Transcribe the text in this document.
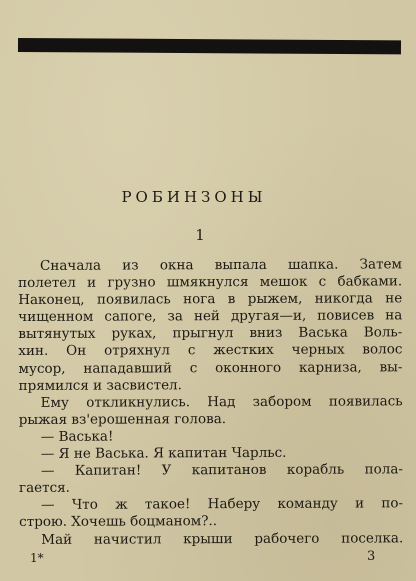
РОБИНЗОНЫ
1
Сначала из окна выпала шапка. Затем
полетел и грузно шмякнулся мешок с бабками.
Наконец, появилась нога в рыжем, никогда не
чищенном сапоге, за ней другая—и, повисев на
вытянутых руках, прыгнул вниз Васька Воль-
хин. Он отряхнул с жестких черных волос
мусор, нападавший с оконного карниза, вы-
прямился и засвистел.
Ему откликнулись. Над забором появилась
рыжая вз'ерошенная голова.
— Васька!
— Я не Васька. Я капитан Чарльс.
— Капитан! У капитанов корабль пола-
гается.
— Что ж такое! Наберу команду и по-
строю. Хочешь боцманом?..
Май начистил крыши рабочего поселка.
1*	3
